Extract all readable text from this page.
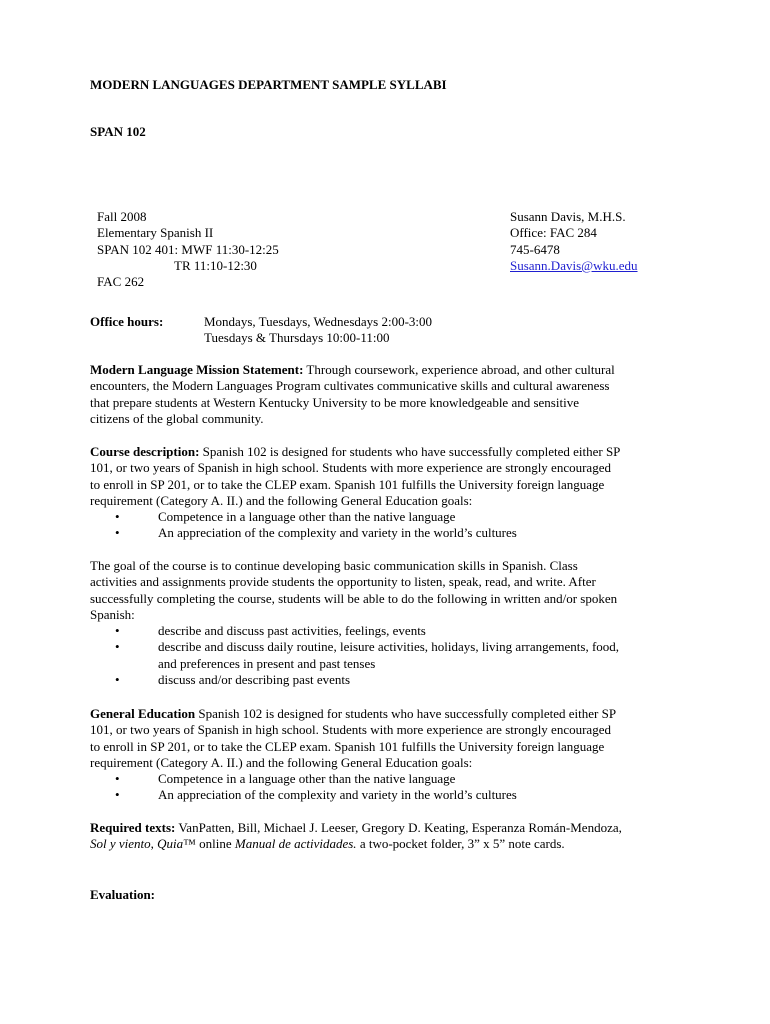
MODERN LANGUAGES DEPARTMENT SAMPLE SYLLABI
SPAN 102
Fall 2008
Elementary Spanish II
SPAN 102 401: MWF 11:30-12:25
TR 11:10-12:30
FAC 262
Susann Davis, M.H.S.
Office: FAC 284
745-6478
Susann.Davis@wku.edu
Office hours:	Mondays, Tuesdays, Wednesdays 2:00-3:00
Tuesdays & Thursdays 10:00-11:00
Modern Language Mission Statement: Through coursework, experience abroad, and other cultural
encounters, the Modern Languages Program cultivates communicative skills and cultural awareness
that prepare students at Western Kentucky University to be more knowledgeable and sensitive
citizens of the global community.
Course description: Spanish 102 is designed for students who have successfully completed either SP
101, or two years of Spanish in high school. Students with more experience are strongly encouraged
to enroll in SP 201, or to take the CLEP exam. Spanish 101 fulfills the University foreign language
requirement (Category A. II.) and the following General Education goals:
•	Competence in a language other than the native language
•	An appreciation of the complexity and variety in the world’s cultures
The goal of the course is to continue developing basic communication skills in Spanish. Class
activities and assignments provide students the opportunity to listen, speak, read, and write. After
successfully completing the course, students will be able to do the following in written and/or spoken
Spanish:
•	describe and discuss past activities, feelings, events
•	describe and discuss daily routine, leisure activities, holidays, living arrangements, food,
and preferences in present and past tenses
•	discuss and/or describing past events
General Education Spanish 102 is designed for students who have successfully completed either SP
101, or two years of Spanish in high school. Students with more experience are strongly encouraged
to enroll in SP 201, or to take the CLEP exam. Spanish 101 fulfills the University foreign language
requirement (Category A. II.) and the following General Education goals:
•	Competence in a language other than the native language
•	An appreciation of the complexity and variety in the world’s cultures
Required texts: VanPatten, Bill, Michael J. Leeser, Gregory D. Keating, Esperanza Román-Mendoza,
Sol y viento, Quia™ online Manual de actividades. a two-pocket folder, 3” x 5” note cards.
Evaluation:
